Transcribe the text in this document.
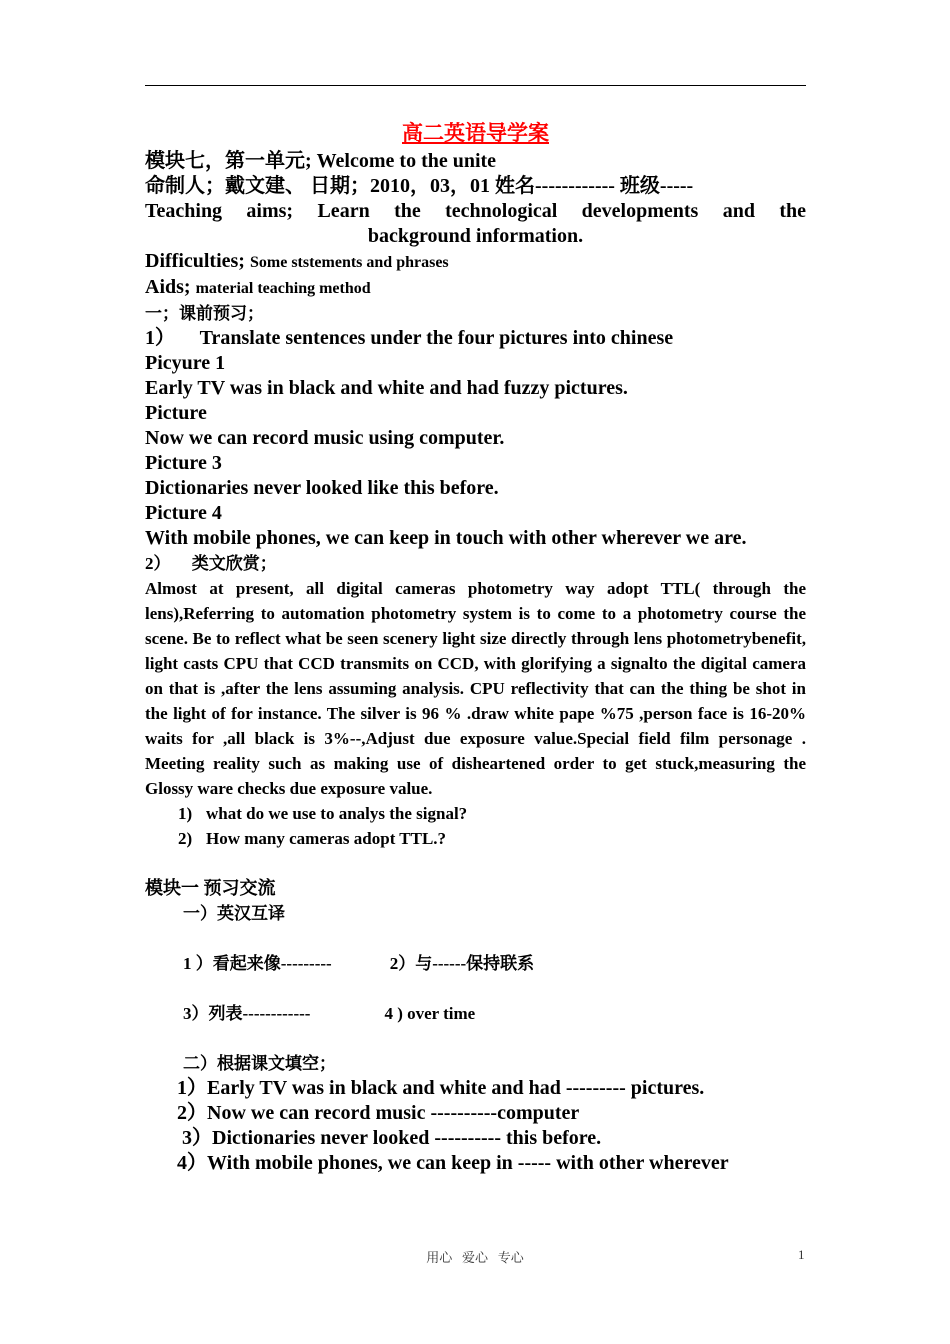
高二英语导学案
模块七，第一单元; Welcome to the unite
命制人；戴文建、 日期；2010，03，01 姓名------------ 班级-----
Teaching aims; Learn the technological developments and the
background information.
Difficulties; Some ststements and phrases
Aids; material teaching method
一；课前预习；
1）     Translate sentences under the four pictures into chinese
Picyure 1
Early TV was in black and white and had fuzzy pictures.
Picture
Now we can record music using computer.
Picture 3
Dictionaries never looked like this before.
Picture 4
With mobile phones, we can keep in touch with other wherever we are.
2）     类文欣赏；
Almost at present, all digital cameras photometry way adopt TTL( through the lens),Referring to automation photometry system is to come to a photometry course the scene. Be to reflect what be seen scenery light size directly through lens photometrybenefit, light casts CPU that CCD transmits on CCD, with glorifying a signalto the digital camera on that is ,after the lens assuming analysis. CPU reflectivity that can the thing be shot in the light of for instance. The silver is 96 % .draw white pape %75 ,person face is 16-20% waits for ,all black is 3%--,Adjust due exposure value.Special field film personage . Meeting reality such as making use of disheartened order to get stuck,measuring the Glossy ware checks due exposure value.
1) what do we use to analys the signal?
2) How many cameras adopt TTL.?
模块一 预习交流
一）英汉互译
1 ）看起来像---------	2）与------保持联系
3）列表------------	4 ) over time
二）根据课文填空；
1）Early TV was in black and white and had --------- pictures.
2）Now we can record music ----------computer
3）Dictionaries never looked ---------- this before.
4）With mobile phones, we can keep in ----- with other wherever
用心   爱心   专心	1
